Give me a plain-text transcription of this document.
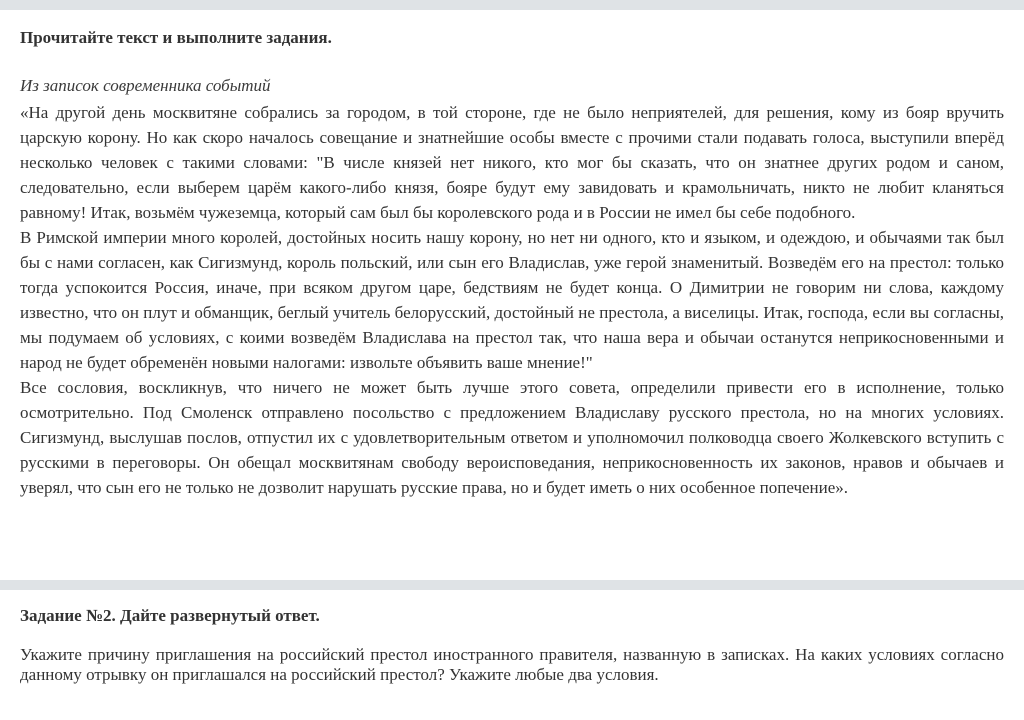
Прочитайте текст и выполните задания.

Из записок современника событий

«На другой день москвитяне собрались за городом, в той стороне, где не было неприятелей, для решения, кому из бояр вручить царскую корону. Но как скоро началось совещание и знатнейшие особы вместе с прочими стали подавать голоса, выступили вперёд несколько человек с такими словами: "В числе князей нет никого, кто мог бы сказать, что он знатнее других родом и саном, следовательно, если выберем царём какого-либо князя, бояре будут ему завидовать и крамольничать, никто не любит кланяться равному! Итак, возьмём чужеземца, который сам был бы королевского рода и в России не имел бы себе подобного.

В Римской империи много королей, достойных носить нашу корону, но нет ни одного, кто и языком, и одеждою, и обычаями так был бы с нами согласен, как Сигизмунд, король польский, или сын его Владислав, уже герой знаменитый. Возведём его на престол: только тогда успокоится Россия, иначе, при всяком другом царе, бедствиям не будет конца. О Димитрии не говорим ни слова, каждому известно, что он плут и обманщик, беглый учитель белорусский, достойный не престола, а виселицы. Итак, господа, если вы согласны, мы подумаем об условиях, с коими возведём Владислава на престол так, что наша вера и обычаи останутся неприкосновенными и народ не будет обременён новыми налогами: извольте объявить ваше мнение!"

Все сословия, воскликнув, что ничего не может быть лучше этого совета, определили привести его в исполнение, только осмотрительно. Под Смоленск отправлено посольство с предложением Владиславу русского престола, но на многих условиях. Сигизмунд, выслушав послов, отпустил их с удовлетворительным ответом и уполномочил полководца своего Жолкевского вступить с русскими в переговоры. Он обещал москвитянам свободу вероисповедания, неприкосновенность их законов, нравов и обычаев и уверял, что сын его не только не дозволит нарушать русские права, но и будет иметь о них особенное попечение».

Задание №2. Дайте развернутый ответ.

Укажите причину приглашения на российский престол иностранного правителя, названную в записках. На каких условиях согласно данному отрывку он приглашался на российский престол? Укажите любые два условия.
